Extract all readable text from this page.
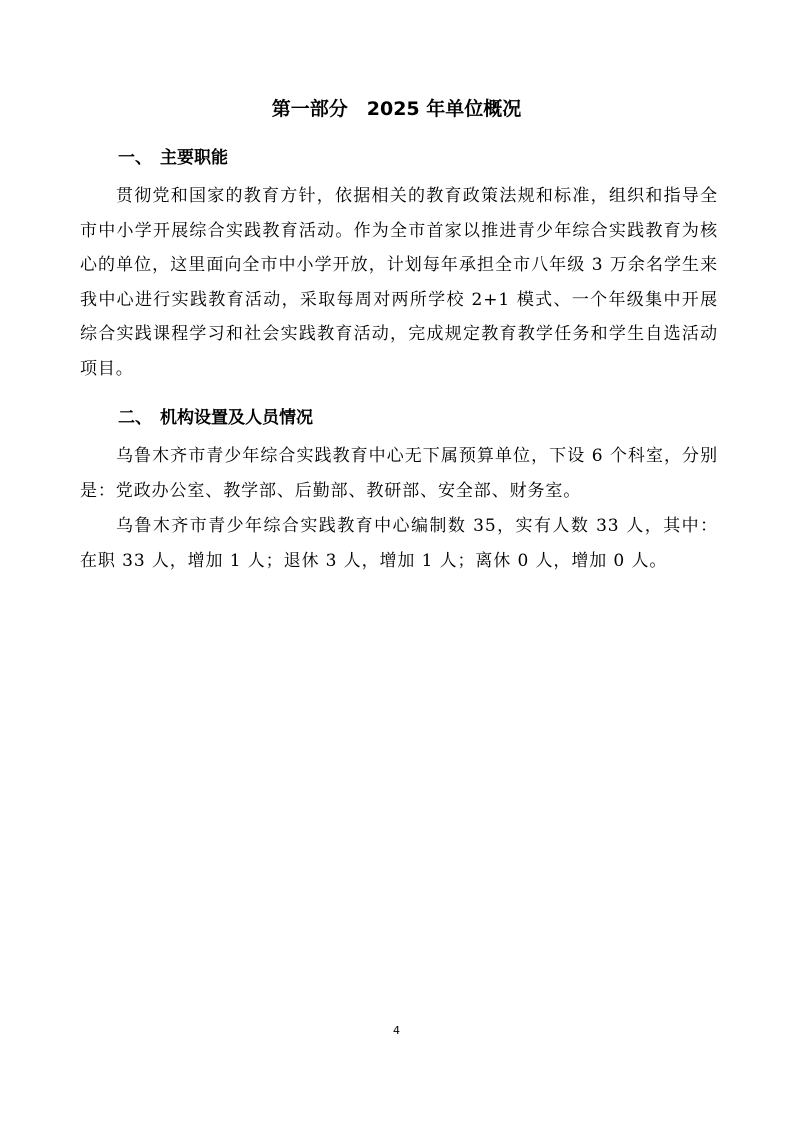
第一部分　2025 年单位概况
一、 主要职能

贯彻党和国家的教育方针，依据相关的教育政策法规和标准，组织和指导全市中小学开展综合实践教育活动。作为全市首家以推进青少年综合实践教育为核心的单位，这里面向全市中小学开放，计划每年承担全市八年级 3 万余名学生来我中心进行实践教育活动，采取每周对两所学校 2+1 模式、一个年级集中开展综合实践课程学习和社会实践教育活动，完成规定教育教学任务和学生自选活动项目。

二、 机构设置及人员情况

乌鲁木齐市青少年综合实践教育中心无下属预算单位，下设 6 个科室，分别是：党政办公室、教学部、后勤部、教研部、安全部、财务室。

乌鲁木齐市青少年综合实践教育中心编制数 35，实有人数 33 人，其中：在职 33 人，增加 1 人；退休 3 人，增加 1 人；离休 0 人，增加 0 人。

4
